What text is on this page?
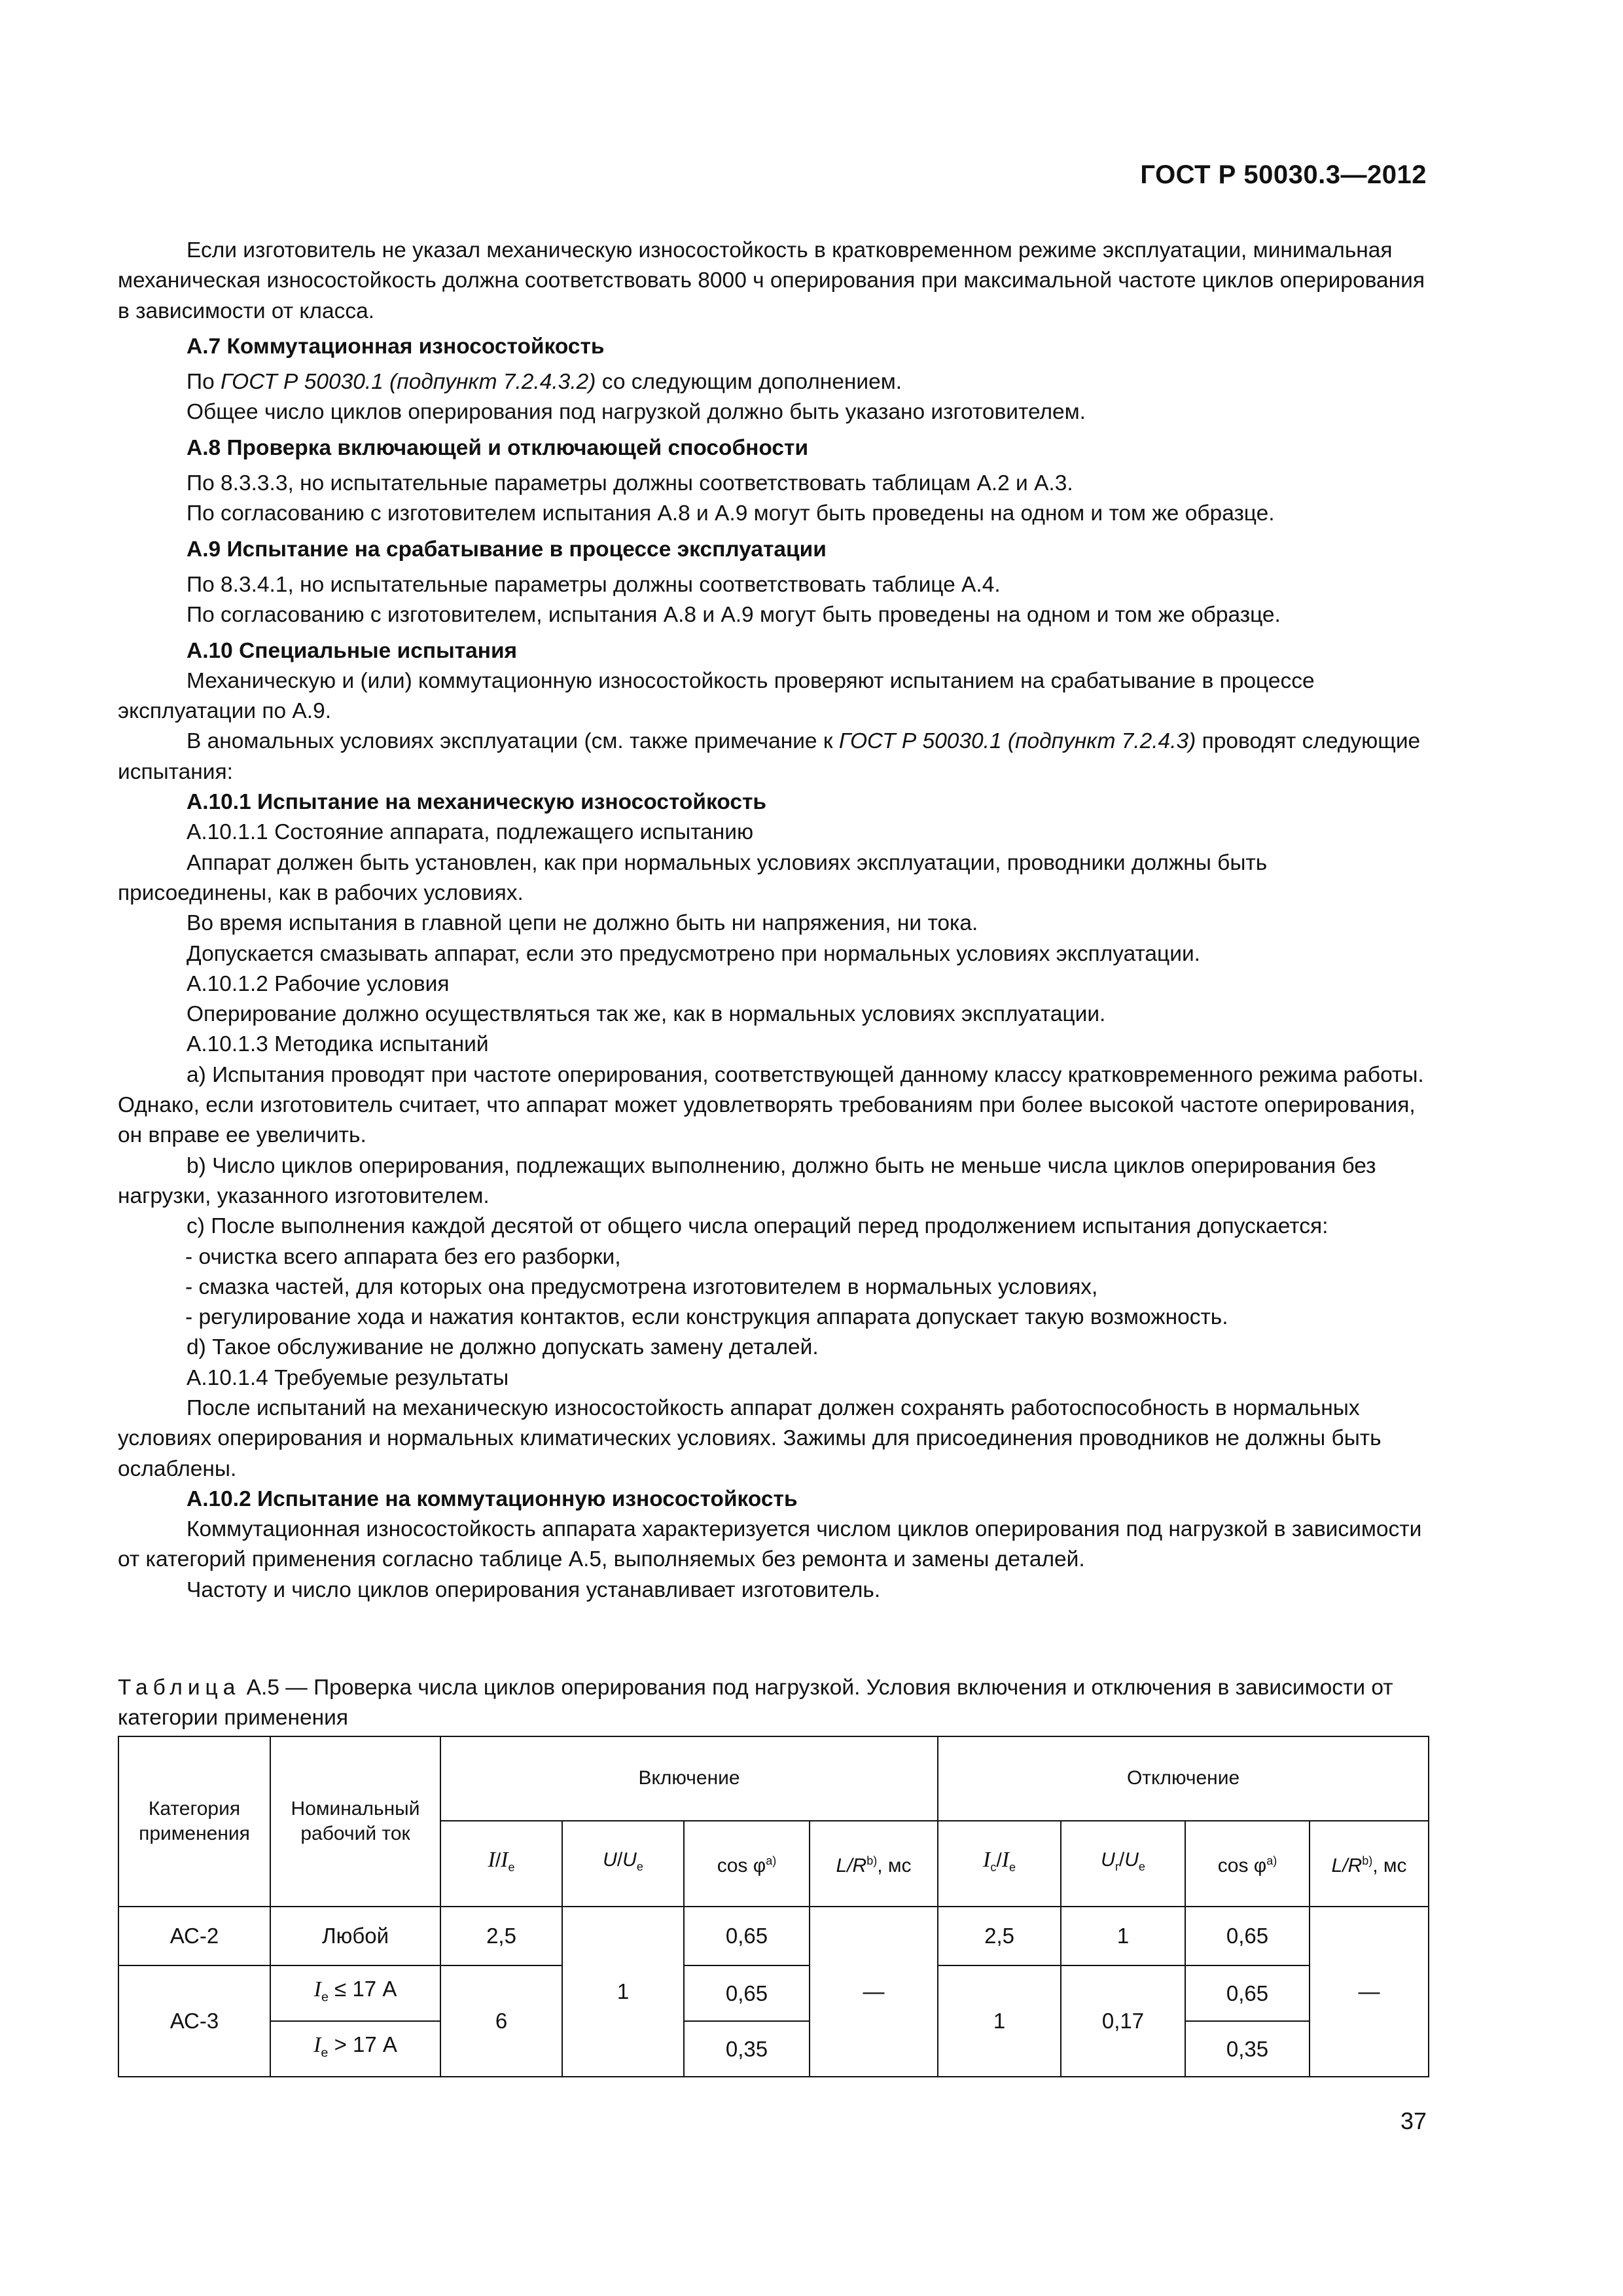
ГОСТ Р 50030.3—2012

Если изготовитель не указал механическую износостойкость в кратковременном режиме эксплуатации, минимальная механическая износостойкость должна соответствовать 8000 ч оперирования при максимальной частоте циклов оперирования в зависимости от класса.

А.7 Коммутационная износостойкость

По ГОСТ Р 50030.1 (подпункт 7.2.4.3.2) со следующим дополнением.

Общее число циклов оперирования под нагрузкой должно быть указано изготовителем.

А.8 Проверка включающей и отключающей способности

По 8.3.3.3, но испытательные параметры должны соответствовать таблицам А.2 и А.3.

По согласованию с изготовителем испытания А.8 и А.9 могут быть проведены на одном и том же образце.

А.9 Испытание на срабатывание в процессе эксплуатации

По 8.3.4.1, но испытательные параметры должны соответствовать таблице А.4.

По согласованию с изготовителем, испытания А.8 и А.9 могут быть проведены на одном и том же образце.

А.10 Специальные испытания

Механическую и (или) коммутационную износостойкость проверяют испытанием на срабатывание в процессе эксплуатации по А.9.

В аномальных условиях эксплуатации (см. также примечание к ГОСТ Р 50030.1 (подпункт 7.2.4.3) проводят следующие испытания:

А.10.1 Испытание на механическую износостойкость

А.10.1.1 Состояние аппарата, подлежащего испытанию

Аппарат должен быть установлен, как при нормальных условиях эксплуатации, проводники должны быть присоединены, как в рабочих условиях.

Во время испытания в главной цепи не должно быть ни напряжения, ни тока.

Допускается смазывать аппарат, если это предусмотрено при нормальных условиях эксплуатации.

А.10.1.2 Рабочие условия

Оперирование должно осуществляться так же, как в нормальных условиях эксплуатации.

А.10.1.3 Методика испытаний

a) Испытания проводят при частоте оперирования, соответствующей данному классу кратковременного режима работы. Однако, если изготовитель считает, что аппарат может удовлетворять требованиям при более высокой частоте оперирования, он вправе ее увеличить.

b) Число циклов оперирования, подлежащих выполнению, должно быть не меньше числа циклов оперирования без нагрузки, указанного изготовителем.

c) После выполнения каждой десятой от общего числа операций перед продолжением испытания допускается:

- очистка всего аппарата без его разборки,

- смазка частей, для которых она предусмотрена изготовителем в нормальных условиях,

- регулирование хода и нажатия контактов, если конструкция аппарата допускает такую возможность.

d) Такое обслуживание не должно допускать замену деталей.

А.10.1.4 Требуемые результаты

После испытаний на механическую износостойкость аппарат должен сохранять работоспособность в нормальных условиях оперирования и нормальных климатических условиях. Зажимы для присоединения проводников не должны быть ослаблены.

А.10.2 Испытание на коммутационную износостойкость

Коммутационная износостойкость аппарата характеризуется числом циклов оперирования под нагрузкой в зависимости от категорий применения согласно таблице А.5, выполняемых без ремонта и замены деталей.

Частоту и число циклов оперирования устанавливает изготовитель.

Таблица А.5 — Проверка числа циклов оперирования под нагрузкой. Условия включения и отключения в зависимости от категории применения
Категория применения	Номинальный рабочий ток	Включение				Отключение			
		$I/I_e$	$U/U_e$	$\cos \varphi^{a)}$	$L/R^{b)}$, мс	$I_c/I_e$	$U_r/U_e$	$\cos \varphi^{a)}$	$L/R^{b)}$, мс
АС-2	Любой	2,5	1	0,65	—	2,5	1	0,65	—
АС-3	$I_e \le 17$ А	6		0,65		1	0,17	0,65	
	$I_e > 17$ А			0,35				0,35	
37
